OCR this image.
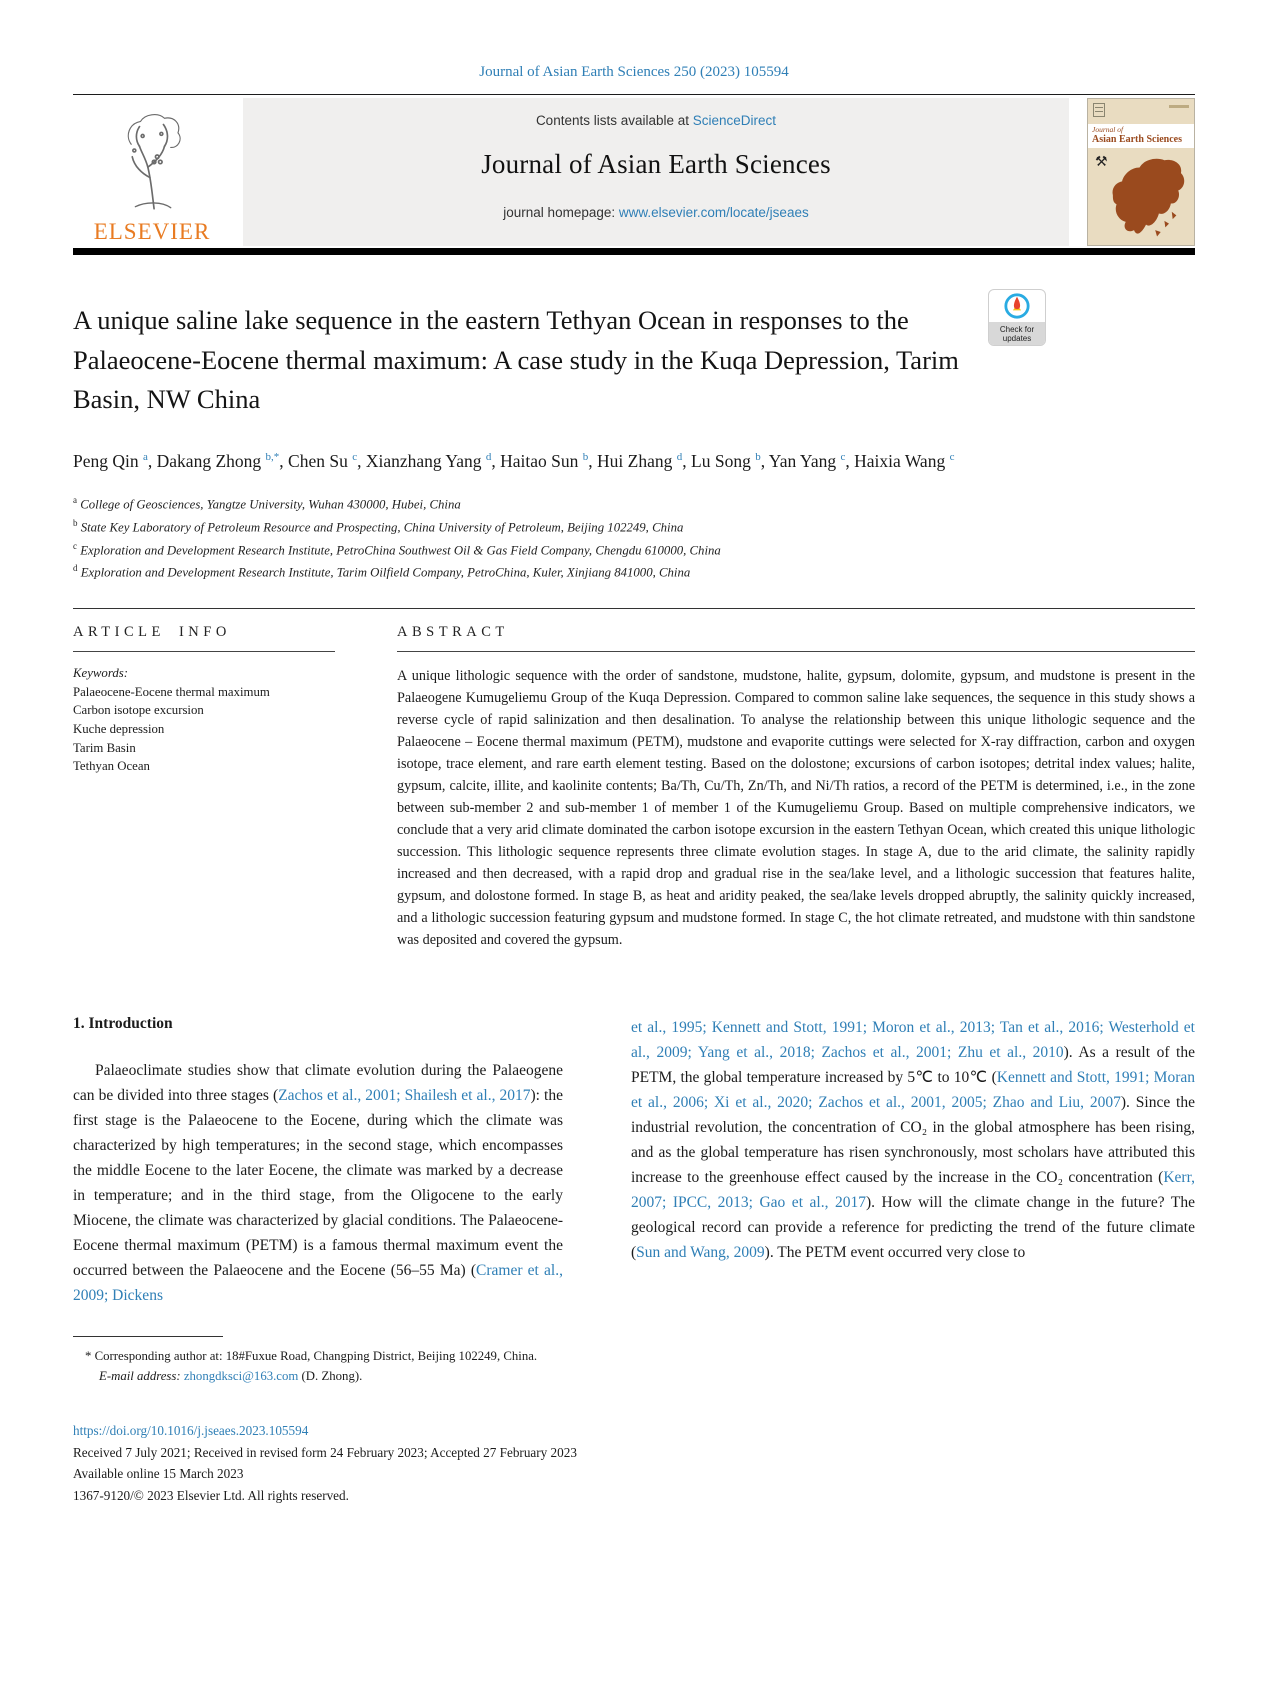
Journal of Asian Earth Sciences 250 (2023) 105594
ELSEVIER
Contents lists available at ScienceDirect
Journal of Asian Earth Sciences
journal homepage: www.elsevier.com/locate/jseaes
Journal of
Asian Earth Sciences
⚒
A unique saline lake sequence in the eastern Tethyan Ocean in responses to the Palaeocene-Eocene thermal maximum: A case study in the Kuqa Depression, Tarim Basin, NW China
Check for
updates
Peng Qin $^a$, Dakang Zhong $^{b,*}$, Chen Su $^c$, Xianzhang Yang $^d$, Haitao Sun $^b$, Hui Zhang $^d$, Lu Song $^b$, Yan Yang $^c$, Haixia Wang $^c$
$^a$ College of Geosciences, Yangtze University, Wuhan 430000, Hubei, China
$^b$ State Key Laboratory of Petroleum Resource and Prospecting, China University of Petroleum, Beijing 102249, China
$^c$ Exploration and Development Research Institute, PetroChina Southwest Oil & Gas Field Company, Chengdu 610000, China
$^d$ Exploration and Development Research Institute, Tarim Oilfield Company, PetroChina, Kuler, Xinjiang 841000, China
ARTICLE INFO
Keywords:
Palaeocene-Eocene thermal maximum
Carbon isotope excursion
Kuche depression
Tarim Basin
Tethyan Ocean
ABSTRACT
A unique lithologic sequence with the order of sandstone, mudstone, halite, gypsum, dolomite, gypsum, and mudstone is present in the Palaeogene Kumugeliemu Group of the Kuqa Depression. Compared to common saline lake sequences, the sequence in this study shows a reverse cycle of rapid salinization and then desalination. To analyse the relationship between this unique lithologic sequence and the Palaeocene – Eocene thermal maximum (PETM), mudstone and evaporite cuttings were selected for X-ray diffraction, carbon and oxygen isotope, trace element, and rare earth element testing. Based on the dolostone; excursions of carbon isotopes; detrital index values; halite, gypsum, calcite, illite, and kaolinite contents; Ba/Th, Cu/Th, Zn/Th, and Ni/Th ratios, a record of the PETM is determined, i.e., in the zone between sub-member 2 and sub-member 1 of member 1 of the Kumugeliemu Group. Based on multiple comprehensive indicators, we conclude that a very arid climate dominated the carbon isotope excursion in the eastern Tethyan Ocean, which created this unique lithologic succession. This lithologic sequence represents three climate evolution stages. In stage A, due to the arid climate, the salinity rapidly increased and then decreased, with a rapid drop and gradual rise in the sea/lake level, and a lithologic succession that features halite, gypsum, and dolostone formed. In stage B, as heat and aridity peaked, the sea/lake levels dropped abruptly, the salinity quickly increased, and a lithologic succession featuring gypsum and mudstone formed. In stage C, the hot climate retreated, and mudstone with thin sandstone was deposited and covered the gypsum.
1. Introduction
Palaeoclimate studies show that climate evolution during the Palaeogene can be divided into three stages (Zachos et al., 2001; Shailesh et al., 2017): the first stage is the Palaeocene to the Eocene, during which the climate was characterized by high temperatures; in the second stage, which encompasses the middle Eocene to the later Eocene, the climate was marked by a decrease in temperature; and in the third stage, from the Oligocene to the early Miocene, the climate was characterized by glacial conditions. The Palaeocene-Eocene thermal maximum (PETM) is a famous thermal maximum event the occurred between the Palaeocene and the Eocene (56–55 Ma) (Cramer et al., 2009; Dickens
et al., 1995; Kennett and Stott, 1991; Moron et al., 2013; Tan et al., 2016; Westerhold et al., 2009; Yang et al., 2018; Zachos et al., 2001; Zhu et al., 2010). As a result of the PETM, the global temperature increased by 5℃ to 10℃ (Kennett and Stott, 1991; Moran et al., 2006; Xi et al., 2020; Zachos et al., 2001, 2005; Zhao and Liu, 2007). Since the industrial revolution, the concentration of CO₂ in the global atmosphere has been rising, and as the global temperature has risen synchronously, most scholars have attributed this increase to the greenhouse effect caused by the increase in the CO₂ concentration (Kerr, 2007; IPCC, 2013; Gao et al., 2017). How will the climate change in the future? The geological record can provide a reference for predicting the trend of the future climate (Sun and Wang, 2009). The PETM event occurred very close to
* Corresponding author at: 18#Fuxue Road, Changping District, Beijing 102249, China.
E-mail address: zhongdksci@163.com (D. Zhong).
https://doi.org/10.1016/j.jseaes.2023.105594
Received 7 July 2021; Received in revised form 24 February 2023; Accepted 27 February 2023
Available online 15 March 2023
1367-9120/© 2023 Elsevier Ltd. All rights reserved.
